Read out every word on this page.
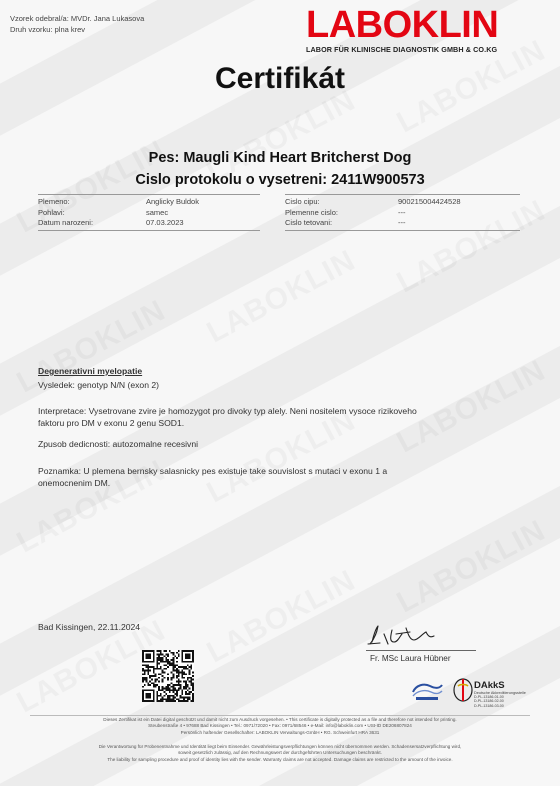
Vzorek odebral/a: MVDr. Jana Lukasova
Druh vzorku: plna krev	LABOKLIN
LABOR FÜR KLINISCHE DIAGNOSTIK GMBH & CO.KG
Certifikát
Pes: Maugli Kind Heart Britcherst Dog
Cislo protokolu o vysetreni: 2411W900573
Plemeno:
Pohlavi:
Datum narozeni:
Anglicky Buldok
samec
07.03.2023
Cislo cipu:
Plemenne cislo:
Cislo tetovani:
900215004424528
---
---
Degenerativni myelopatie
Vysledek: genotyp N/N (exon 2)
Interpretace: Vysetrovane zvire je homozygot pro divoky typ alely. Neni nositelem vysoce rizikoveho
faktoru pro DM v exonu 2 genu SOD1.
Zpusob dedicnosti: autozomalne recesivni
Poznamka: U plemena bernsky salasnicky pes existuje take souvislost s mutaci v exonu 1 a
onemocnenim DM.
Bad Kissingen, 22.11.2024
Fr. MSc Laura Hübner
DAkkS
Deutsche Akkreditierungsstelle
D-PL-13186-01-00
D-PL-13186-02-00
D-PL-13186-03-00
Dieses Zertifikat ist ein Datei digital geschützt und damit nicht zum Ausdruck vorgesehen. • This certificate is digitally protected as a file and therefore not intended for printing.
Steubenstraße 4 • 97688 Bad Kissingen • Tel.: 0971/72020 • Fax: 0971/68546 • e-Mail: info@laboklin.com • USt-ID DE206807824
Persönlich haftender Gesellschafter: LABOKLIN Verwaltungs-GmbH • RG. Schweinfurt HRA 3631
Die Verantwortung für Probenentnahme und Identität liegt beim Einsender. Gewährleistungsverpflichtungen können nicht übernommen werden. Schadensersatzverpflichtung wird,
soweit gesetzlich zulässig, auf den Rechnungswert der durchgeführten Untersuchungen beschränkt.
The liability for sampling procedure and proof of identity lies with the sender. Warranty claims are not accepted. Damage claims are restricted to the amount of the invoice.
